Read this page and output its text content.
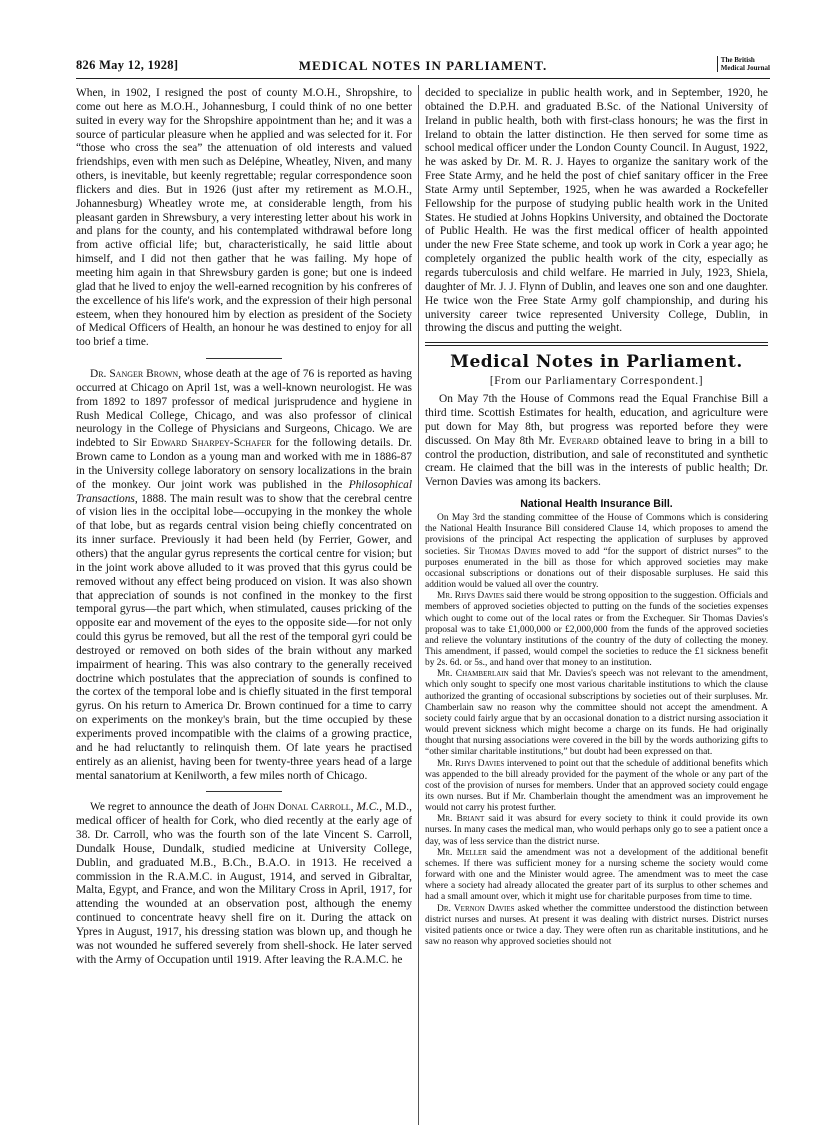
826 May 12, 1928]	MEDICAL NOTES IN PARLIAMENT.	The British
Medical Journal

When, in 1902, I resigned the post of county M.O.H., Shropshire, to come out here as M.O.H., Johannesburg, I could think of no one better suited in every way for the Shropshire appointment than he; and it was a source of particular pleasure when he applied and was selected for it. For “those who cross the sea” the attenuation of old interests and valued friendships, even with men such as Delépine, Wheatley, Niven, and many others, is inevitable, but keenly regrettable; regular correspondence soon flickers and dies. But in 1926 (just after my retirement as M.O.H., Johannesburg) Wheatley wrote me, at considerable length, from his pleasant garden in Shrewsbury, a very interesting letter about his work in and plans for the county, and his contemplated withdrawal before long from active official life; but, characteristically, he said little about himself, and I did not then gather that he was failing. My hope of meeting him again in that Shrewsbury garden is gone; but one is indeed glad that he lived to enjoy the well-earned recognition by his confreres of the excellence of his life's work, and the expression of their high personal esteem, when they honoured him by election as president of the Society of Medical Officers of Health, an honour he was destined to enjoy for all too brief a time.

Dr. Sanger Brown, whose death at the age of 76 is reported as having occurred at Chicago on April 1st, was a well-known neurologist. He was from 1892 to 1897 professor of medical jurisprudence and hygiene in Rush Medical College, Chicago, and was also professor of clinical neurology in the College of Physicians and Surgeons, Chicago. We are indebted to Sir Edward Sharpey-Schafer for the following details. Dr. Brown came to London as a young man and worked with me in 1886-87 in the University college laboratory on sensory localizations in the brain of the monkey. Our joint work was published in the Philosophical Transactions, 1888. The main result was to show that the cerebral centre of vision lies in the occipital lobe—occupying in the monkey the whole of that lobe, but as regards central vision being chiefly concentrated on its inner surface. Previously it had been held (by Ferrier, Gower, and others) that the angular gyrus represents the cortical centre for vision; but in the joint work above alluded to it was proved that this gyrus could be removed without any effect being produced on vision. It was also shown that appreciation of sounds is not confined in the monkey to the first temporal gyrus—the part which, when stimulated, causes pricking of the opposite ear and movement of the eyes to the opposite side—for not only could this gyrus be removed, but all the rest of the temporal gyri could be destroyed or removed on both sides of the brain without any marked impairment of hearing. This was also contrary to the generally received doctrine which postulates that the appreciation of sounds is confined to the cortex of the temporal lobe and is chiefly situated in the first temporal gyrus. On his return to America Dr. Brown continued for a time to carry on experiments on the monkey's brain, but the time occupied by these experiments proved incompatible with the claims of a growing practice, and he had reluctantly to relinquish them. Of late years he practised entirely as an alienist, having been for twenty-three years head of a large mental sanatorium at Kenilworth, a few miles north of Chicago.

We regret to announce the death of John Donal Carroll, M.C., M.D., medical officer of health for Cork, who died recently at the early age of 38. Dr. Carroll, who was the fourth son of the late Vincent S. Carroll, Dundalk House, Dundalk, studied medicine at University College, Dublin, and graduated M.B., B.Ch., B.A.O. in 1913. He received a commission in the R.A.M.C. in August, 1914, and served in Gibraltar, Malta, Egypt, and France, and won the Military Cross in April, 1917, for attending the wounded at an observation post, although the enemy continued to concentrate heavy shell fire on it. During the attack on Ypres in August, 1917, his dressing station was blown up, and though he was not wounded he suffered severely from shell-shock. He later served with the Army of Occupation until 1919. After leaving the R.A.M.C. he

decided to specialize in public health work, and in September, 1920, he obtained the D.P.H. and graduated B.Sc. of the National University of Ireland in public health, both with first-class honours; he was the first in Ireland to obtain the latter distinction. He then served for some time as school medical officer under the London County Council. In August, 1922, he was asked by Dr. M. R. J. Hayes to organize the sanitary work of the Free State Army, and he held the post of chief sanitary officer in the Free State Army until September, 1925, when he was awarded a Rockefeller Fellowship for the purpose of studying public health work in the United States. He studied at Johns Hopkins University, and obtained the Doctorate of Public Health. He was the first medical officer of health appointed under the new Free State scheme, and took up work in Cork a year ago; he completely organized the public health work of the city, especially as regards tuberculosis and child welfare. He married in July, 1923, Shiela, daughter of Mr. J. J. Flynn of Dublin, and leaves one son and one daughter. He twice won the Free State Army golf championship, and during his university career twice represented University College, Dublin, in throwing the discus and putting the weight.

Medical Notes in Parliament.
[From our Parliamentary Correspondent.]

On May 7th the House of Commons read the Equal Franchise Bill a third time. Scottish Estimates for health, education, and agriculture were put down for May 8th, but progress was reported before they were discussed. On May 8th Mr. Everard obtained leave to bring in a bill to control the production, distribution, and sale of reconstituted and synthetic cream. He claimed that the bill was in the interests of public health; Dr. Vernon Davies was among its backers.

National Health Insurance Bill.

On May 3rd the standing committee of the House of Commons which is considering the National Health Insurance Bill considered Clause 14, which proposes to amend the provisions of the principal Act respecting the application of surpluses by approved societies. Sir Thomas Davies moved to add “for the support of district nurses” to the purposes enumerated in the bill as those for which approved societies may make occasional subscriptions or donations out of their disposable surpluses. He said this addition would be valued all over the country.

Mr. Rhys Davies said there would be strong opposition to the suggestion. Officials and members of approved societies objected to putting on the funds of the societies expenses which ought to come out of the local rates or from the Exchequer. Sir Thomas Davies's proposal was to take £1,000,000 or £2,000,000 from the funds of the approved societies and relieve the voluntary institutions of the country of the duty of collecting the money. This amendment, if passed, would compel the societies to reduce the £1 sickness benefit by 2s. 6d. or 5s., and hand over that money to an institution.

Mr. Chamberlain said that Mr. Davies's speech was not relevant to the amendment, which only sought to specify one most various charitable institutions to which the clause authorized the granting of occasional subscriptions by societies out of their surpluses. Mr. Chamberlain saw no reason why the committee should not accept the amendment. A society could fairly argue that by an occasional donation to a district nursing association it would prevent sickness which might become a charge on its funds. He had originally thought that nursing associations were covered in the bill by the words authorizing gifts to “other similar charitable institutions,” but doubt had been expressed on that.

Mr. Rhys Davies intervened to point out that the schedule of additional benefits which was appended to the bill already provided for the payment of the whole or any part of the cost of the provision of nurses for members. Under that an approved society could engage its own nurses. But if Mr. Chamberlain thought the amendment was an improvement he would not carry his protest further.

Mr. Briant said it was absurd for every society to think it could provide its own nurses. In many cases the medical man, who would perhaps only go to see a patient once a day, was of less service than the district nurse.

Mr. Meller said the amendment was not a development of the additional benefit schemes. If there was sufficient money for a nursing scheme the society would come forward with one and the Minister would agree. The amendment was to meet the case where a society had already allocated the greater part of its surplus to other schemes and had a small amount over, which it might use for charitable purposes from time to time.

Dr. Vernon Davies asked whether the committee understood the distinction between district nurses and nurses. At present it was dealing with district nurses. District nurses visited patients once or twice a day. They were often run as charitable institutions, and he saw no reason why approved societies should not
